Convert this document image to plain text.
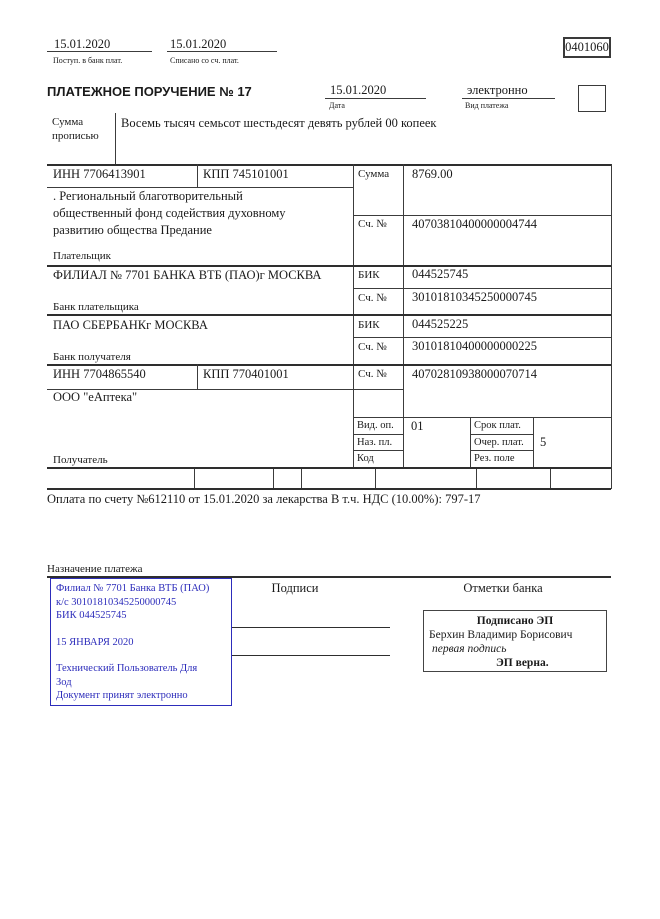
15.01.2020
Поступ. в банк плат.
15.01.2020
Списано со сч. плат.
0401060
ПЛАТЕЖНОЕ ПОРУЧЕНИЕ № 17	15.01.2020
Дата
электронно
Вид платежа
Сумма
прописью
Восемь тысяч семьсот шестьдесят девять рублей 00 копеек
ИНН 7706413901	КПП 745101001	Сумма 8769.00
. Региональный благотворительный
общественный фонд содействия духовному
развитию общества Предание	Сч. № 40703810400000004744
Плательщик
ФИЛИАЛ № 7701 БАНКА ВТБ (ПАО)г МОСКВА	БИК	044525745
Сч. № 30101810345250000745
Банк плательщика
ПАО СБЕРБАНКг МОСКВА	БИК	044525225
Сч. № 30101810400000000225
Банк получателя
ИНН 7704865540	КПП 770401001	Сч. № 40702810938000070714
ООО "еАптека"
Получатель
Вид. оп. 01	Срок плат.
Наз. пл.	Очер. плат. 5
Код	Рез. поле
Оплата по счету №612110 от 15.01.2020 за лекарства В т.ч. НДС (10.00%): 797-17
Назначение платежа
Филиал № 7701 Банка ВТБ (ПАО)
к/с 30101810345250000745
БИК 044525745
15 ЯНВАРЯ 2020
Технический Пользователь Для
Зод
Документ принят электронно
Подписи	Отметки банка
Подписано ЭП
Берхин Владимир Борисович
первая подпись
ЭП верна.
